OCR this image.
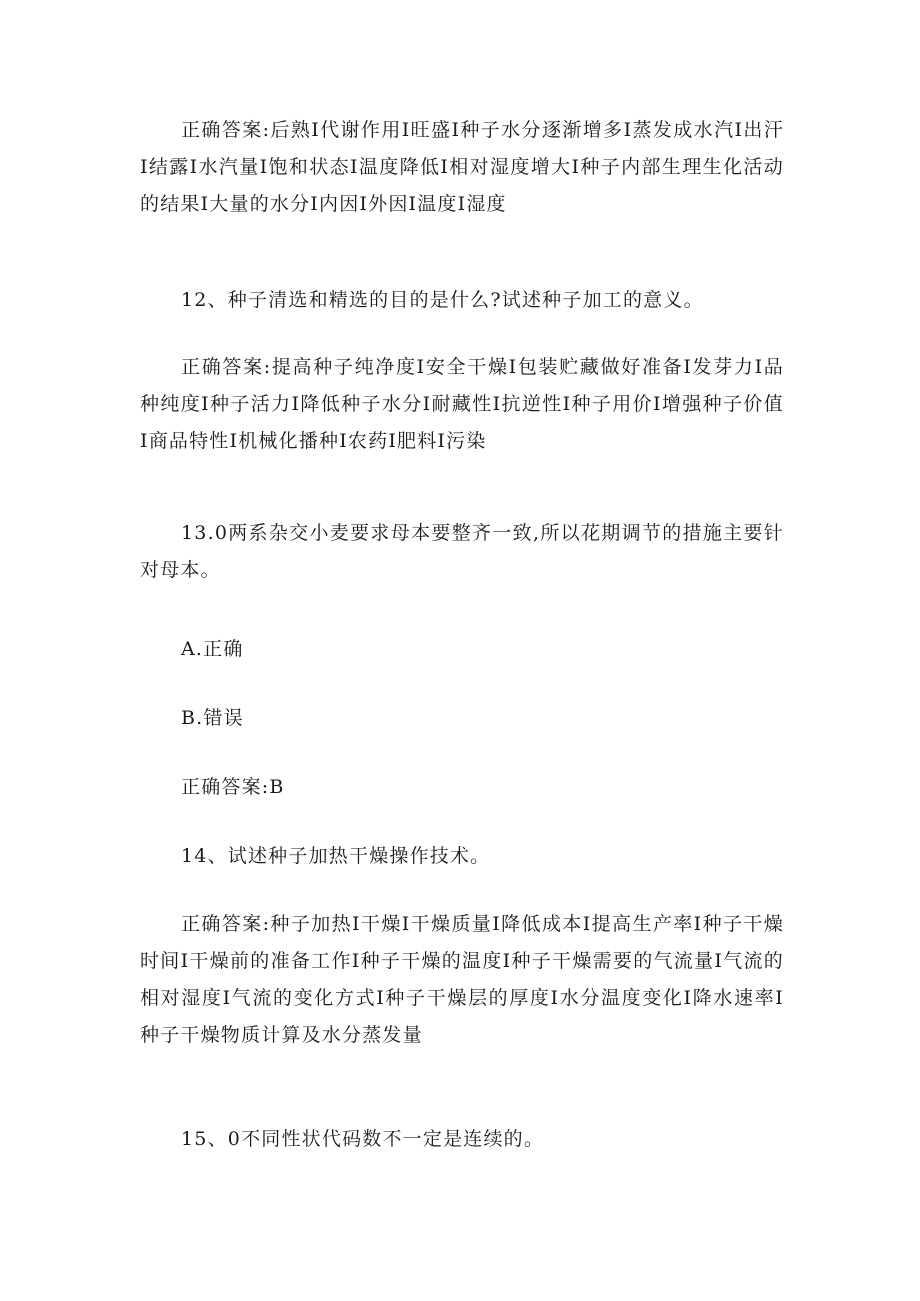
正确答案:后熟I代谢作用I旺盛I种子水分逐渐增多I蒸发成水汽I出汗I结露I水汽量I饱和状态I温度降低I相对湿度增大I种子内部生理生化活动的结果I大量的水分I内因I外因I温度I湿度

12、种子清选和精选的目的是什么?试述种子加工的意义。

正确答案:提高种子纯净度I安全干燥I包装贮藏做好准备I发芽力I品种纯度I种子活力I降低种子水分I耐藏性I抗逆性I种子用价I增强种子价值I商品特性I机械化播种I农药I肥料I污染

13.0两系杂交小麦要求母本要整齐一致,所以花期调节的措施主要针对母本。

A.正确

B.错误

正确答案:B

14、试述种子加热干燥操作技术。

正确答案:种子加热I干燥I干燥质量I降低成本I提高生产率I种子干燥时间I干燥前的准备工作I种子干燥的温度I种子干燥需要的气流量I气流的相对湿度I气流的变化方式I种子干燥层的厚度I水分温度变化I降水速率I种子干燥物质计算及水分蒸发量

15、0不同性状代码数不一定是连续的。
